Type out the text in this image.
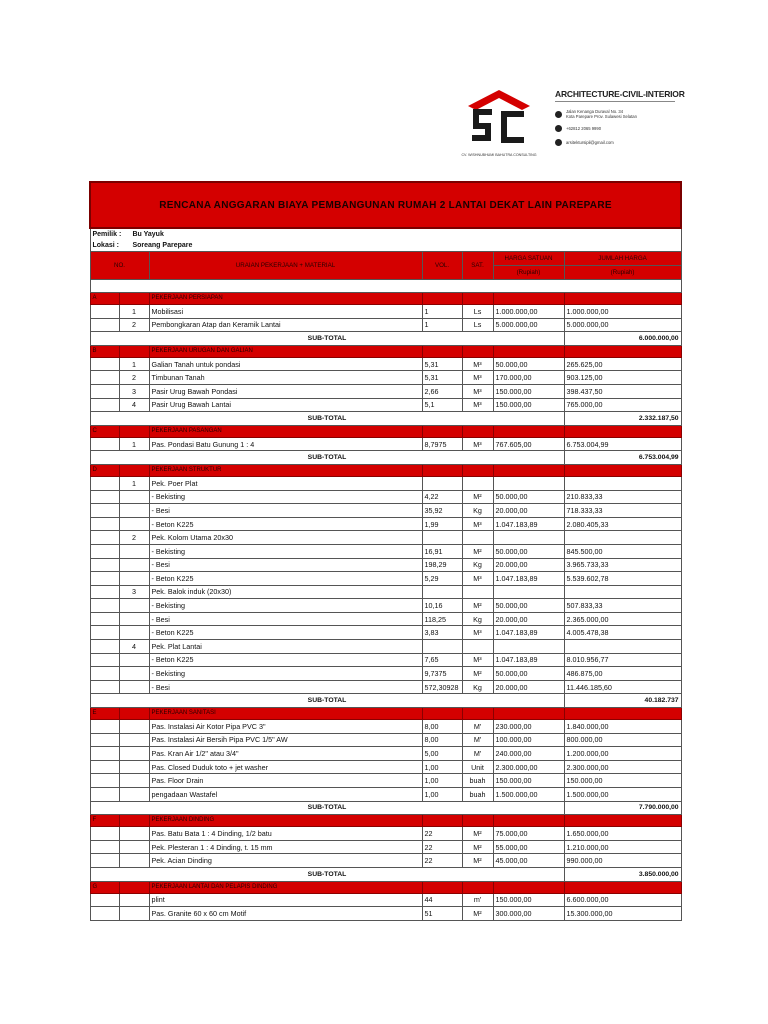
CV. WISHNUBHUMI BAHUTRA CONSULTING
ARCHITECTURE-CIVIL-INTERIOR
Jalan Kenanga Duraval No. 34
Kota Parepare Prov. Sulawesi Selatan
+62812 2065 9990
arsitektursipil@gmail.com
RENCANA ANGGARAN BIAYA PEMBANGUNAN RUMAH 2 LANTAI DEKAT LAIN PAREPARE						
Pemilik : Bu Yayuk						
Lokasi : Soreang Parepare						
NO.		URAIAN PEKERJAAN + MATERIAL	VOL.	SAT.	HARGA SATUAN	JUMLAH HARGA
					(Rupiah)	(Rupiah)

A		PEKERJAAN PERSIAPAN				
	1	Mobilisasi	1	Ls	1.000.000,00	1.000.000,00
	2	Pembongkaran Atap dan Keramik Lantai	1	Ls	5.000.000,00	5.000.000,00
SUB-TOTAL						6.000.000,00
B		PEKERJAAN URUGAN DAN GALIAN				
	1	Galian Tanah untuk pondasi	5,31	M³	50.000,00	265.625,00
	2	Timbunan Tanah	5,31	M³	170.000,00	903.125,00
	3	Pasir Urug Bawah Pondasi	2,66	M³	150.000,00	398.437,50
	4	Pasir Urug Bawah Lantai	5,1	M³	150.000,00	765.000,00
SUB-TOTAL						2.332.187,50
C		PEKERJAAN PASANGAN				
	1	Pas. Pondasi Batu Gunung 1 : 4	8,7975	M³	767.605,00	6.753.004,99
SUB-TOTAL						6.753.004,99
D		PEKERJAAN STRUKTUR				
	1	Pek. Poer Plat				
		- Bekisting	4,22	M²	50.000,00	210.833,33
		- Besi	35,92	Kg	20.000,00	718.333,33
		- Beton K225	1,99	M³	1.047.183,89	2.080.405,33
	2	Pek. Kolom Utama 20x30				
		- Bekisting	16,91	M²	50.000,00	845.500,00
		- Besi	198,29	Kg	20.000,00	3.965.733,33
		- Beton K225	5,29	M³	1.047.183,89	5.539.602,78
	3	Pek. Balok induk (20x30)				
		- Bekisting	10,16	M²	50.000,00	507.833,33
		- Besi	118,25	Kg	20.000,00	2.365.000,00
		- Beton K225	3,83	M³	1.047.183,89	4.005.478,38
	4	Pek. Plat Lantai				
		- Beton K225	7,65	M³	1.047.183,89	8.010.956,77
		- Bekisting	9,7375	M²	50.000,00	486.875,00
		- Besi	572,30928	Kg	20.000,00	11.446.185,60
SUB-TOTAL						40.182.737
E		PEKERJAAN SANITASI				
		Pas. Instalasi Air Kotor Pipa PVC 3"	8,00	M'	230.000,00	1.840.000,00
		Pas. Instalasi Air Bersih Pipa PVC 1/5" AW	8,00	M'	100.000,00	800.000,00
		Pas. Kran Air 1/2" atau 3/4"	5,00	M'	240.000,00	1.200.000,00
		Pas. Closed Duduk toto + jet washer	1,00	Unit	2.300.000,00	2.300.000,00
		Pas. Floor Drain	1,00	buah	150.000,00	150.000,00
		pengadaan Wastafel	1,00	buah	1.500.000,00	1.500.000,00
SUB-TOTAL						7.790.000,00
F		PEKERJAAN DINDING				
		Pas. Batu Bata 1 : 4 Dinding, 1/2 batu	22	M²	75.000,00	1.650.000,00
		Pek. Plesteran 1 : 4 Dinding, t. 15 mm	22	M²	55.000,00	1.210.000,00
		Pek. Acian Dinding	22	M²	45.000,00	990.000,00
SUB-TOTAL						3.850.000,00
G		PEKERJAAN LANTAI DAN PELAPIS DINDING				
		plint	44	m'	150.000,00	6.600.000,00
		Pas. Granite 60 x 60 cm Motif	51	M²	300.000,00	15.300.000,00
